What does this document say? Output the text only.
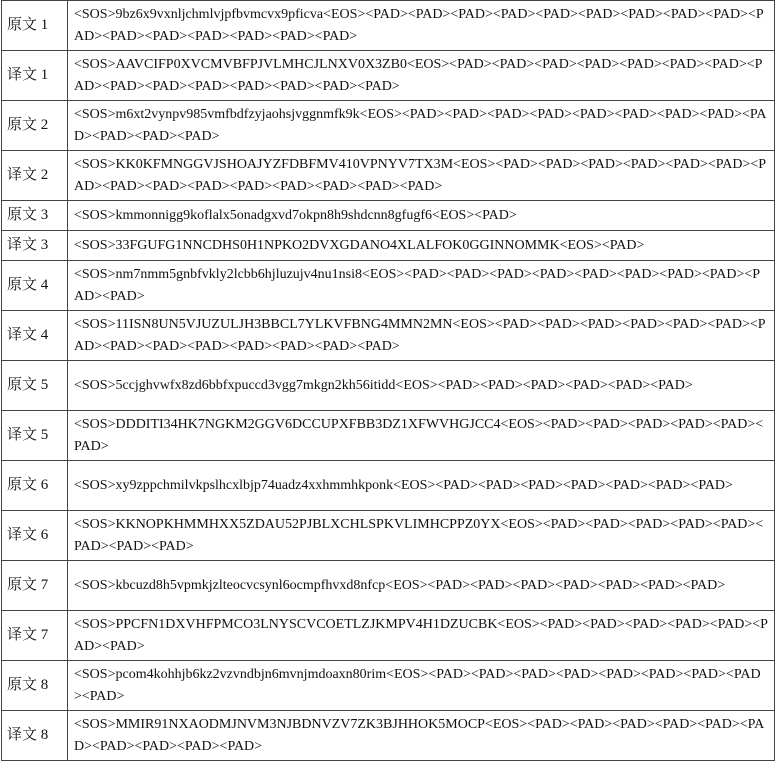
原文 1	<SOS>9bz6x9vxnljchmlvjpfbvmcvx9pficva<EOS><PAD><PAD><PAD><PAD><PAD><PAD><PAD><PAD><PAD><PAD><PAD><PAD><PAD><PAD><PAD><PAD>
译文 1	<SOS>AAVCIFP0XVCMVBFPJVLMHCJLNXV0X3ZB0<EOS><PAD><PAD><PAD><PAD><PAD><PAD><PAD><PAD><PAD><PAD><PAD><PAD><PAD><PAD><PAD>
原文 2	<SOS>m6xt2vynpv985vmfbdfzyjaohsjvggnmfk9k<EOS><PAD><PAD><PAD><PAD><PAD><PAD><PAD><PAD><PAD><PAD><PAD><PAD>
译文 2	<SOS>KK0KFMNGGVJSHOAJYZFDBFMV410VPNYV7TX3M<EOS><PAD><PAD><PAD><PAD><PAD><PAD><PAD><PAD><PAD><PAD><PAD><PAD><PAD><PAD><PAD>
原文 3	<SOS>kmmonnigg9koflalx5onadgxvd7okpn8h9shdcnn8gfugf6<EOS><PAD>
译文 3	<SOS>33FGUFG1NNCDHS0H1NPKO2DVXGDANO4XLALFOK0GGINNOMMK<EOS><PAD>
原文 4	<SOS>nm7nmm5gnbfvkly2lcbb6hjluzujv4nu1nsi8<EOS><PAD><PAD><PAD><PAD><PAD><PAD><PAD><PAD><PAD><PAD>
译文 4	<SOS>11ISN8UN5VJUZULJH3BBCL7YLKVFBNG4MMN2MN<EOS><PAD><PAD><PAD><PAD><PAD><PAD><PAD><PAD><PAD><PAD><PAD><PAD><PAD><PAD>
原文 5	<SOS>5ccjghvwfx8zd6bbfxpuccd3vgg7mkgn2kh56itidd<EOS><PAD><PAD><PAD><PAD><PAD><PAD>
译文 5	<SOS>DDDITI34HK7NGKM2GGV6DCCUPXFBB3DZ1XFWVHGJCC4<EOS><PAD><PAD><PAD><PAD><PAD><PAD>
原文 6	<SOS>xy9zppchmilvkpslhcxlbjp74uadz4xxhmmhkponk<EOS><PAD><PAD><PAD><PAD><PAD><PAD><PAD>
译文 6	<SOS>KKNOPKHMMHXX5ZDAU52PJBLXCHLSPKVLIMHCPPZ0YX<EOS><PAD><PAD><PAD><PAD><PAD><PAD><PAD><PAD>
原文 7	<SOS>kbcuzd8h5vpmkjzlteocvcsynl6ocmpfhvxd8nfcp<EOS><PAD><PAD><PAD><PAD><PAD><PAD><PAD>
译文 7	<SOS>PPCFN1DXVHFPMCO3LNYSCVCOETLZJKMPV4H1DZUCBK<EOS><PAD><PAD><PAD><PAD><PAD><PAD><PAD>
原文 8	<SOS>pcom4kohhjb6kz2vzvndbjn6mvnjmdoaxn80rim<EOS><PAD><PAD><PAD><PAD><PAD><PAD><PAD><PAD><PAD>
译文 8	<SOS>MMIR91NXAODMJNVM3NJBDNVZV7ZK3BJHHOK5MOCP<EOS><PAD><PAD><PAD><PAD><PAD><PAD><PAD><PAD><PAD><PAD>
